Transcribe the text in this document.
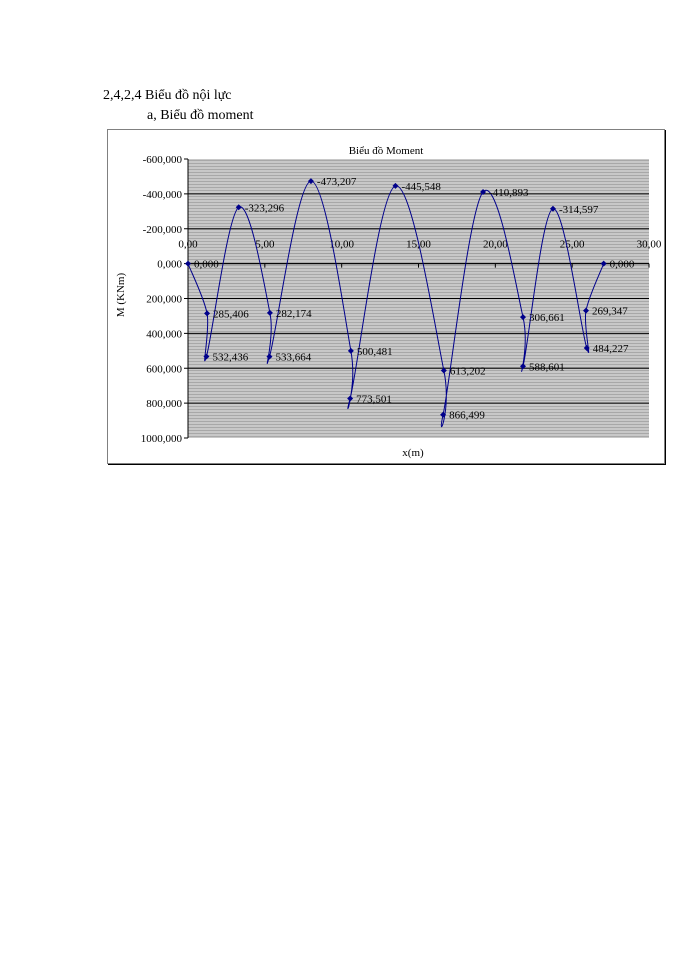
2,4,2,4 Biểu đồ nội lực
a, Biểu đồ moment
Biểu đồ Moment
x(m)
M (KNm)
-600,000
-400,000
-200,000
0,000
200,000
400,000
600,000
800,000
1000,000
0,00	5,00	10,00	15,00	20,00	25,00	30,00
0,000
285,406
532,436
-323,296
282,174
533,664
-473,207
500,481
773,501
-445,548
613,202
866,499
-410,893
306,661
588,601
-314,597
484,227
269,347
0,000
